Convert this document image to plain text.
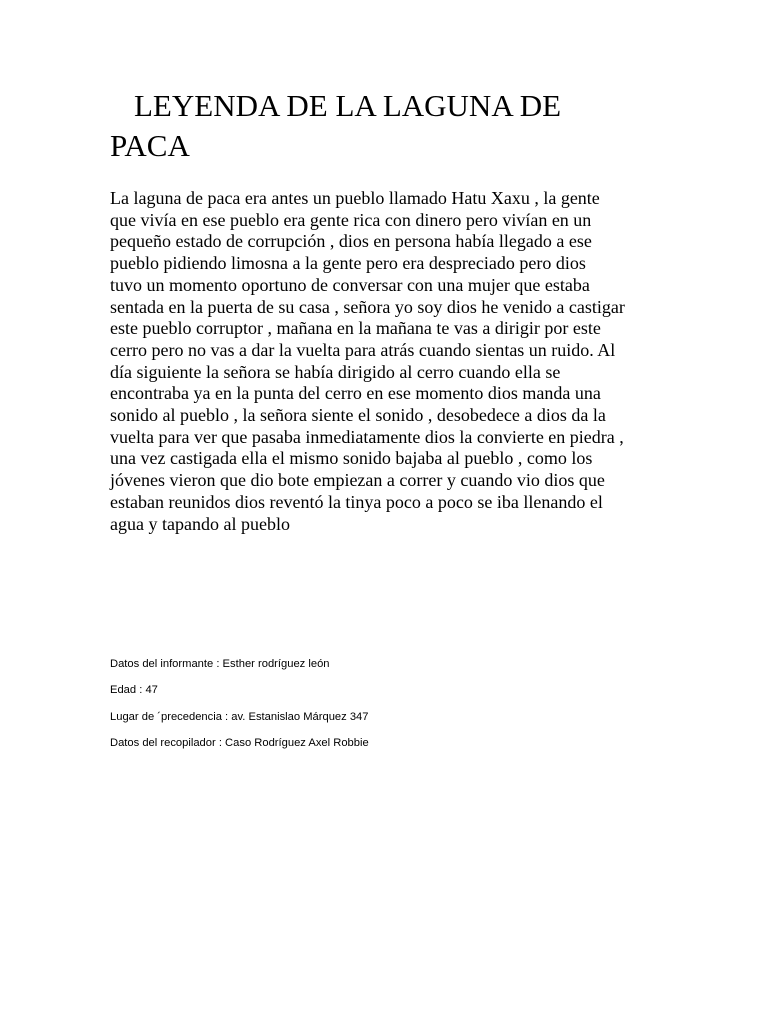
LEYENDA DE LA LAGUNA DE
PACA
La laguna de paca era antes un pueblo llamado Hatu Xaxu , la gente
que vivía en ese pueblo era gente rica con dinero pero vivían en un
pequeño estado de corrupción , dios en persona había llegado a ese
pueblo pidiendo limosna a la gente pero era despreciado pero dios
tuvo un momento oportuno de conversar con una mujer que estaba
sentada en la puerta de su casa , señora yo soy dios he venido a castigar
este pueblo corruptor , mañana en la mañana te vas a dirigir por este
cerro pero no vas a dar la vuelta para atrás cuando sientas un ruido. Al
día siguiente la señora se había dirigido al cerro cuando ella se
encontraba ya en la punta del cerro en ese momento dios manda una
sonido al pueblo , la señora siente el sonido , desobedece a dios da la
vuelta para ver que pasaba inmediatamente dios la convierte en piedra ,
una vez castigada ella el mismo sonido bajaba al pueblo , como los
jóvenes vieron que dio bote empiezan a correr y cuando vio dios que
estaban reunidos dios reventó la tinya poco a poco se iba llenando el
agua y tapando al pueblo
Datos del informante : Esther rodríguez león
Edad : 47
Lugar de ´precedencia : av. Estanislao Márquez 347
Datos del recopilador : Caso Rodríguez Axel Robbie
